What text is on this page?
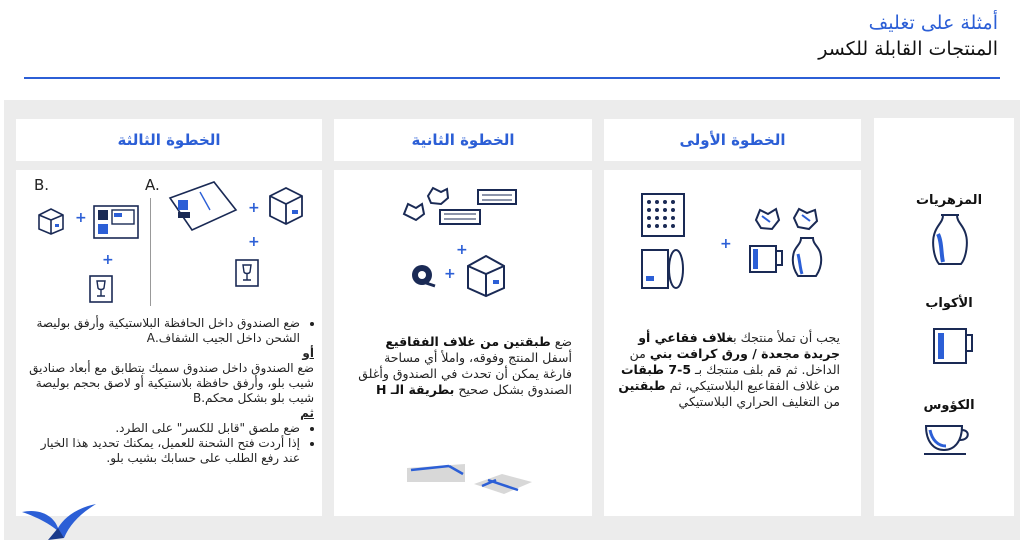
أمثلة على تغليف
المنتجات القابلة للكسر
المزهريات
الأكواب
الكؤوس
الخطوة الأولى
+
يجب أن تملأ منتجك بغلاف فقاعي أو جريدة مجعدة / ورق كرافت بني من الداخل. ثم قم بلف منتجك بـ 5-7 طبقات من غلاف الفقاعيع البلاستيكي، ثم طبقتين من التغليف الحراري البلاستيكي
الخطوة الثانية
+
+
ضع طبقتين من غلاف الفقاقيع أسفل المنتج وفوقه، واملأ أي مساحة فارغة يمكن أن تحدث في الصندوق وأغلق الصندوق بشكل صحيح بطريقة الـ H
الخطوة الثالثة
B.	A.
+
+
+
+
• ضع الصندوق داخل الحافظة البلاستيكية وأرفق بوليصة الشحن داخل الجيب الشفاف.A
أو
ضع الصندوق داخل صندوق سميك يتطابق مع أبعاد صناديق شيب بلو، وأرفق حافظة بلاستيكية أو لاصق بحجم بوليصة شيب بلو بشكل محكم.B
ثم
• ضع ملصق "قابل للكسر" على الطرد.
• إذا أردت فتح الشحنة للعميل، يمكنك تحديد هذا الخيار عند رفع الطلب على حسابك بشيب بلو.
